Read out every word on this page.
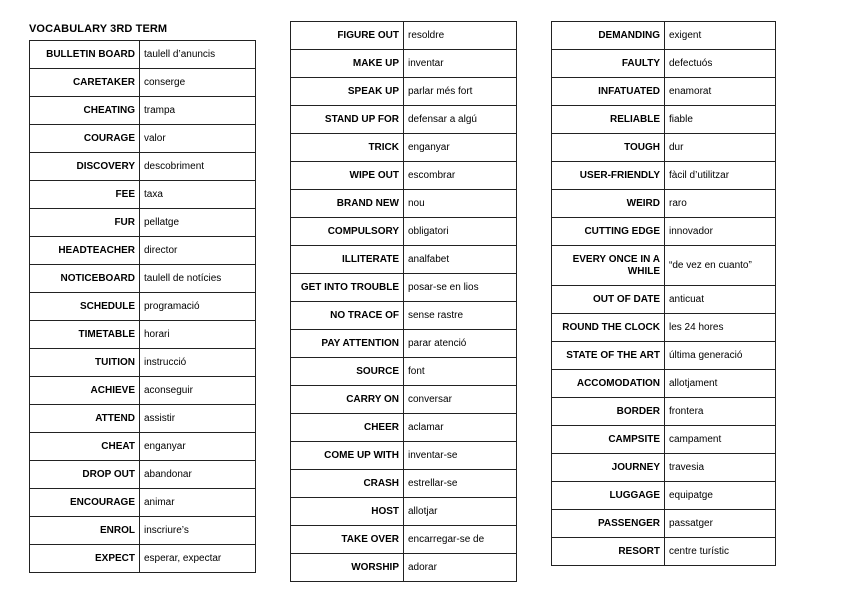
VOCABULARY 3RD TERM
BULLETIN BOARD	taulell d’anuncis
CARETAKER	conserge
CHEATING	trampa
COURAGE	valor
DISCOVERY	descobriment
FEE	taxa
FUR	pellatge
HEADTEACHER	director
NOTICEBOARD	taulell de notícies
SCHEDULE	programació
TIMETABLE	horari
TUITION	instrucció
ACHIEVE	aconseguir
ATTEND	assistir
CHEAT	enganyar
DROP OUT	abandonar
ENCOURAGE	animar
ENROL	inscriure’s
EXPECT	esperar, expectar
FIGURE OUT	resoldre
MAKE UP	inventar
SPEAK UP	parlar més fort
STAND UP FOR	defensar a algú
TRICK	enganyar
WIPE OUT	escombrar
BRAND NEW	nou
COMPULSORY	obligatori
ILLITERATE	analfabet
GET INTO TROUBLE	posar-se en lios
NO TRACE OF	sense rastre
PAY ATTENTION	parar atenció
SOURCE	font
CARRY ON	conversar
CHEER	aclamar
COME UP WITH	inventar-se
CRASH	estrellar-se
HOST	allotjar
TAKE OVER	encarregar-se de
WORSHIP	adorar
DEMANDING	exigent
FAULTY	defectuós
INFATUATED	enamorat
RELIABLE	fiable
TOUGH	dur
USER-FRIENDLY	fàcil d’utilitzar
WEIRD	raro
CUTTING EDGE	innovador
EVERY ONCE IN A WHILE	“de vez en cuanto”
OUT OF DATE	anticuat
ROUND THE CLOCK	les 24 hores
STATE OF THE ART	última generació
ACCOMODATION	allotjament
BORDER	frontera
CAMPSITE	campament
JOURNEY	travesia
LUGGAGE	equipatge
PASSENGER	passatger
RESORT	centre turístic
